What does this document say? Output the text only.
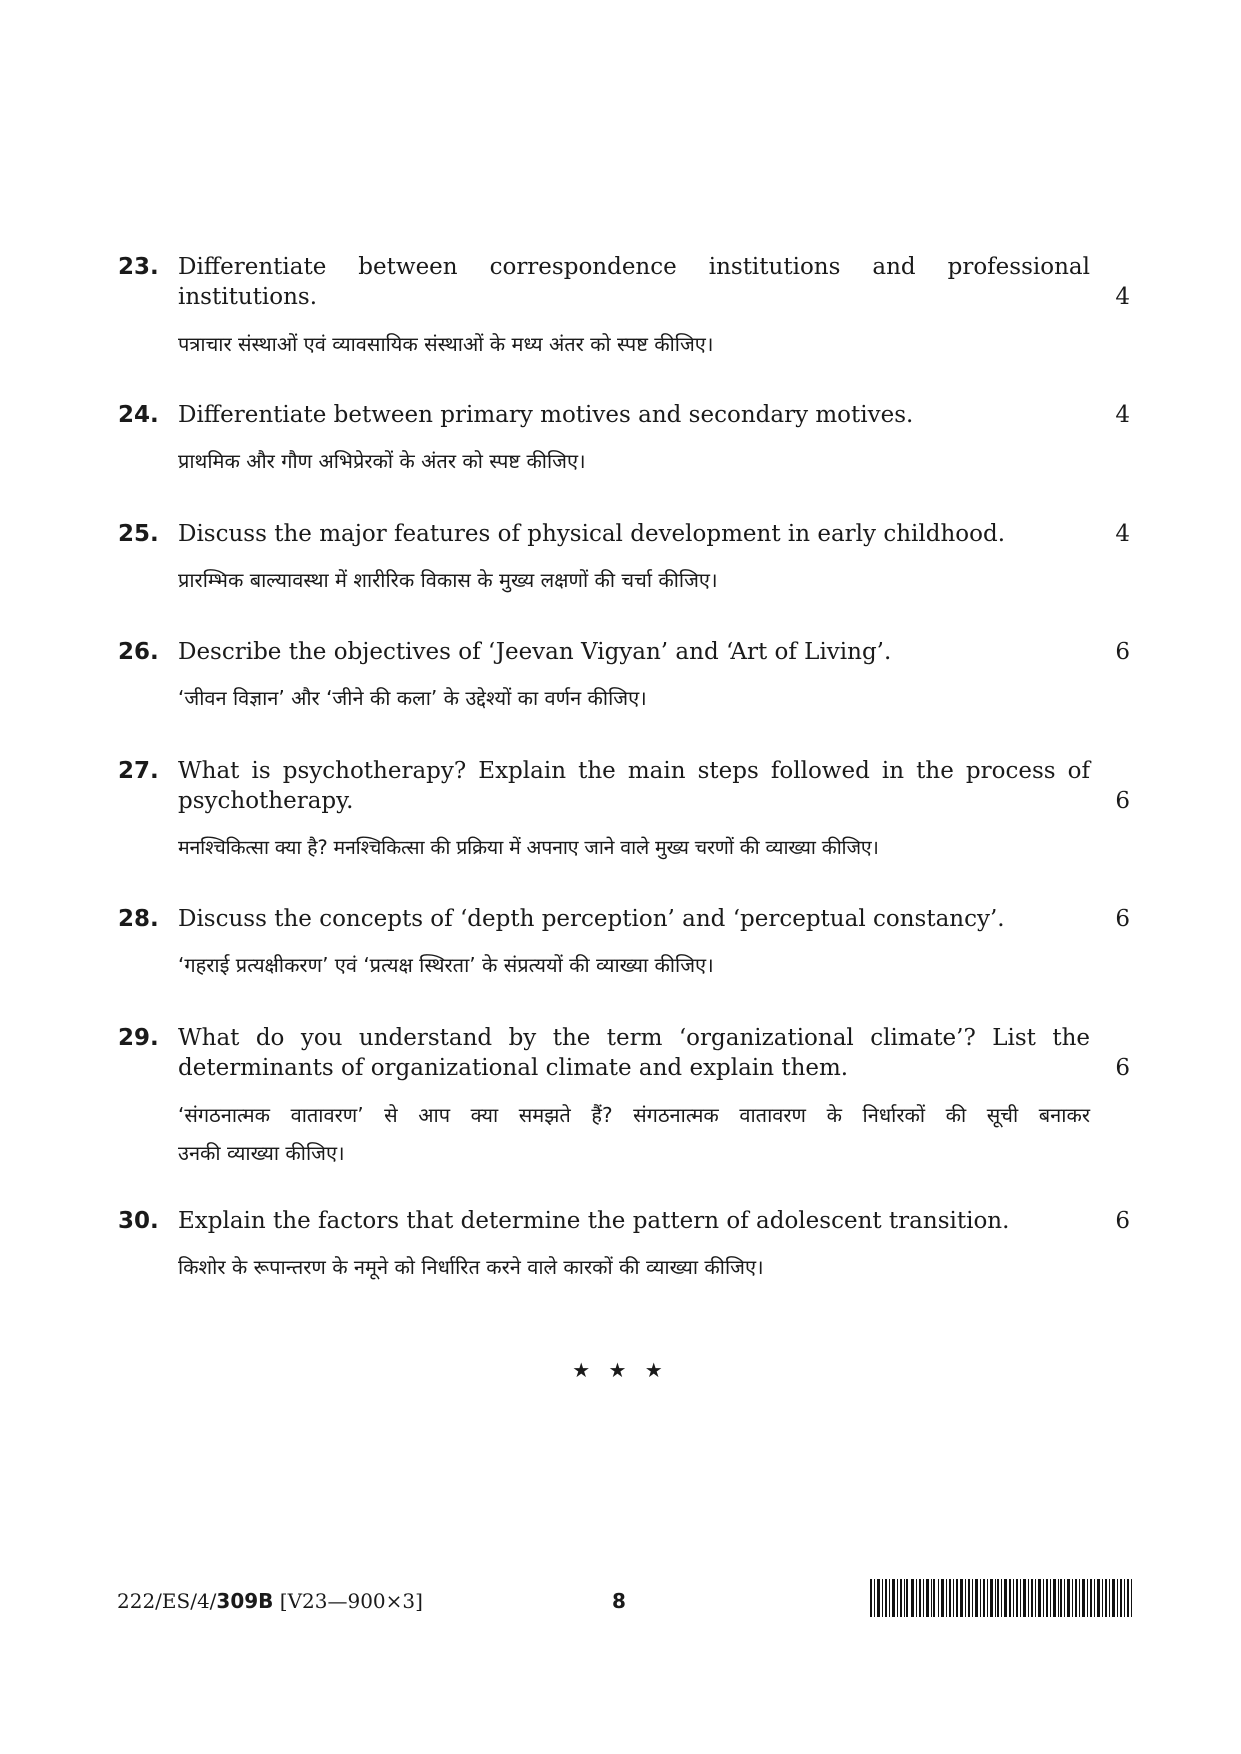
23. Differentiate between correspondence institutions and professional
institutions.	4
पत्राचार संस्थाओं एवं व्यावसायिक संस्थाओं के मध्य अंतर को स्पष्ट कीजिए।
24. Differentiate between primary motives and secondary motives.	4
प्राथमिक और गौण अभिप्रेरकों के अंतर को स्पष्ट कीजिए।
25. Discuss the major features of physical development in early childhood.	4
प्रारम्भिक बाल्यावस्था में शारीरिक विकास के मुख्य लक्षणों की चर्चा कीजिए।
26. Describe the objectives of ‘Jeevan Vigyan’ and ‘Art of Living’.	6
‘जीवन विज्ञान’ और ‘जीने की कला’ के उद्देश्यों का वर्णन कीजिए।
27. What is psychotherapy? Explain the main steps followed in the process of
psychotherapy.	6
मनश्चिकित्सा क्या है? मनश्चिकित्सा की प्रक्रिया में अपनाए जाने वाले मुख्य चरणों की व्याख्या कीजिए।
28. Discuss the concepts of ‘depth perception’ and ‘perceptual constancy’.	6
‘गहराई प्रत्यक्षीकरण’ एवं ‘प्रत्यक्ष स्थिरता’ के संप्रत्ययों की व्याख्या कीजिए।
29. What do you understand by the term ‘organizational climate’? List the
determinants of organizational climate and explain them.	6
‘संगठनात्मक वातावरण’ से आप क्या समझते हैं? संगठनात्मक वातावरण के निर्धारकों की सूची बनाकर
उनकी व्याख्या कीजिए।
30. Explain the factors that determine the pattern of adolescent transition.	6
किशोर के रूपान्तरण के नमूने को निर्धारित करने वाले कारकों की व्याख्या कीजिए।
★ ★ ★
222/ES/4/309B [V23—900×3]	8
